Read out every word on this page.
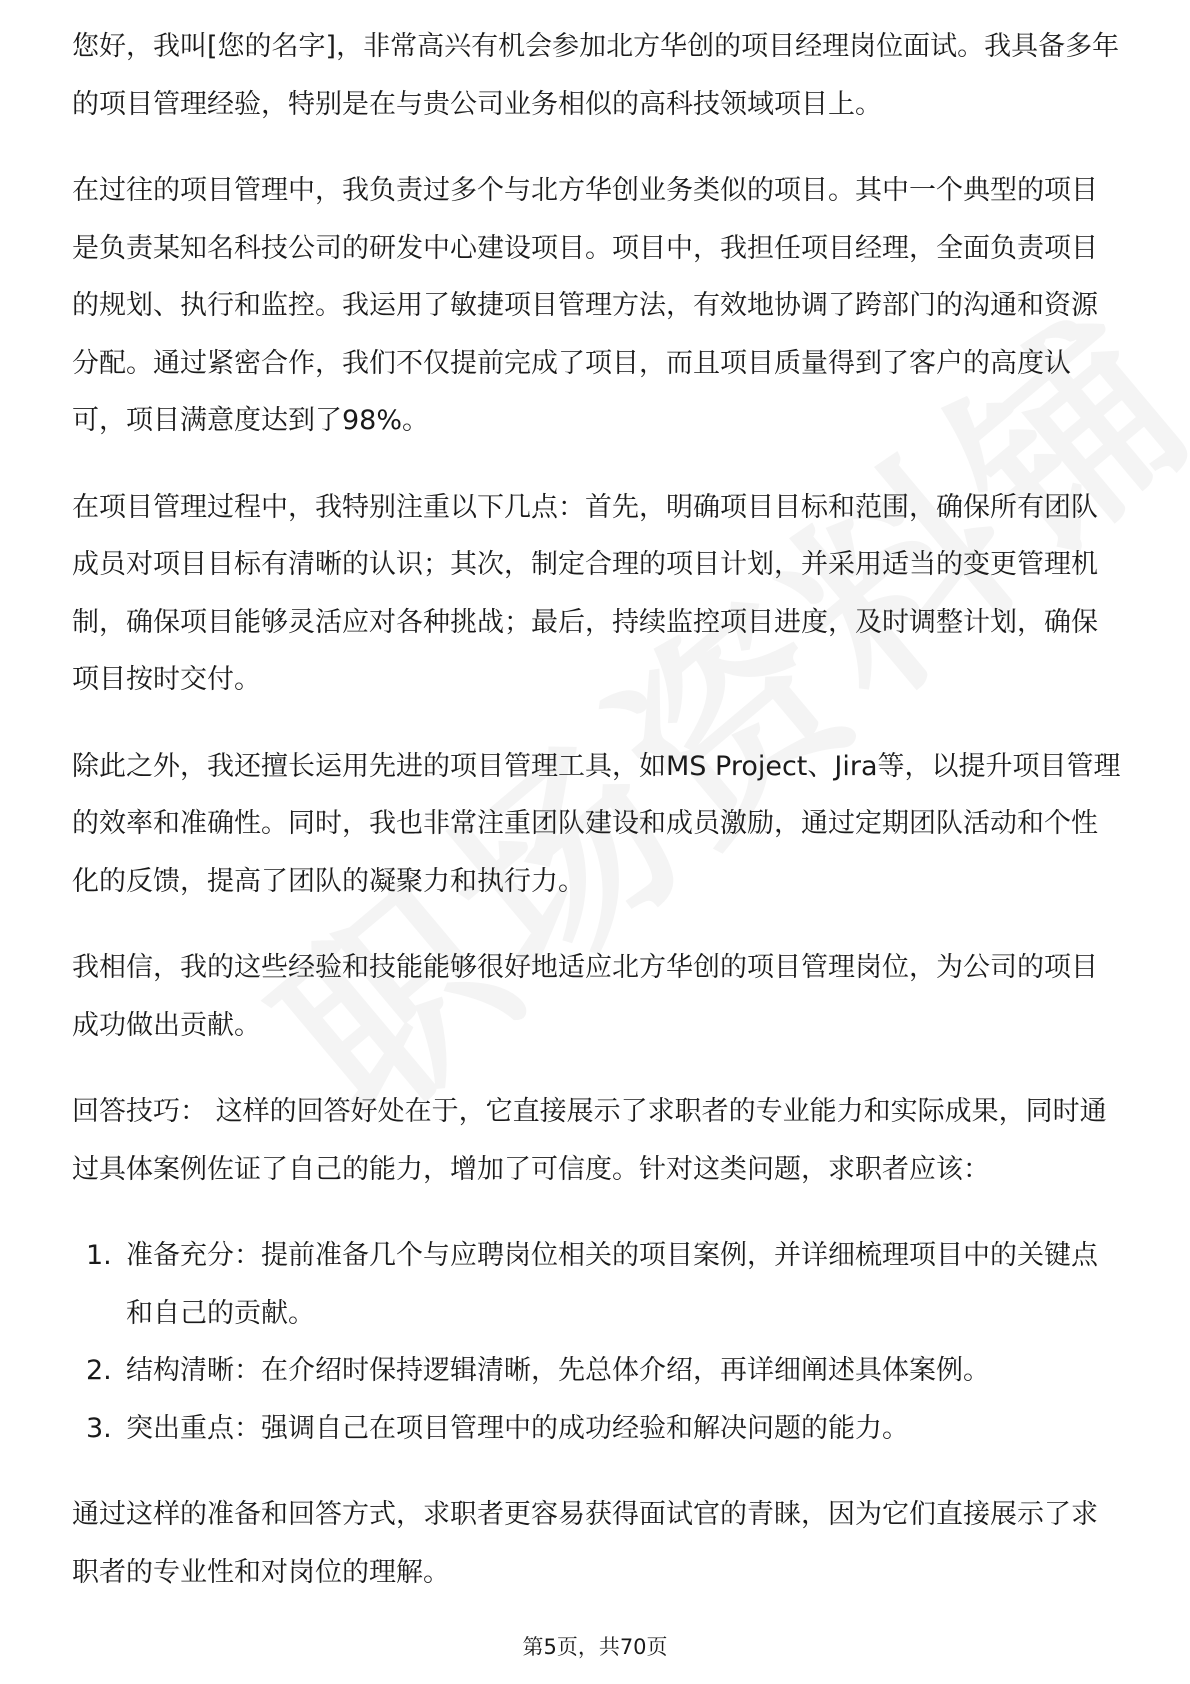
您好，我叫[您的名字]，非常高兴有机会参加北方华创的项目经理岗位面试。我具备多年的项目管理经验，特别是在与贵公司业务相似的高科技领域项目上。

在过往的项目管理中，我负责过多个与北方华创业务类似的项目。其中一个典型的项目是负责某知名科技公司的研发中心建设项目。项目中，我担任项目经理，全面负责项目的规划、执行和监控。我运用了敏捷项目管理方法，有效地协调了跨部门的沟通和资源分配。通过紧密合作，我们不仅提前完成了项目，而且项目质量得到了客户的高度认可，项目满意度达到了98%。

在项目管理过程中，我特别注重以下几点：首先，明确项目目标和范围，确保所有团队成员对项目目标有清晰的认识；其次，制定合理的项目计划，并采用适当的变更管理机制，确保项目能够灵活应对各种挑战；最后，持续监控项目进度，及时调整计划，确保项目按时交付。

除此之外，我还擅长运用先进的项目管理工具，如MS Project、Jira等，以提升项目管理的效率和准确性。同时，我也非常注重团队建设和成员激励，通过定期团队活动和个性化的反馈，提高了团队的凝聚力和执行力。

我相信，我的这些经验和技能能够很好地适应北方华创的项目管理岗位，为公司的项目成功做出贡献。

回答技巧： 这样的回答好处在于，它直接展示了求职者的专业能力和实际成果，同时通过具体案例佐证了自己的能力，增加了可信度。针对这类问题，求职者应该：

1. 准备充分：提前准备几个与应聘岗位相关的项目案例，并详细梳理项目中的关键点和自己的贡献。
2. 结构清晰：在介绍时保持逻辑清晰，先总体介绍，再详细阐述具体案例。
3. 突出重点：强调自己在项目管理中的成功经验和解决问题的能力。

通过这样的准备和回答方式，求职者更容易获得面试官的青睐，因为它们直接展示了求职者的专业性和对岗位的理解。

第5页，共70页
